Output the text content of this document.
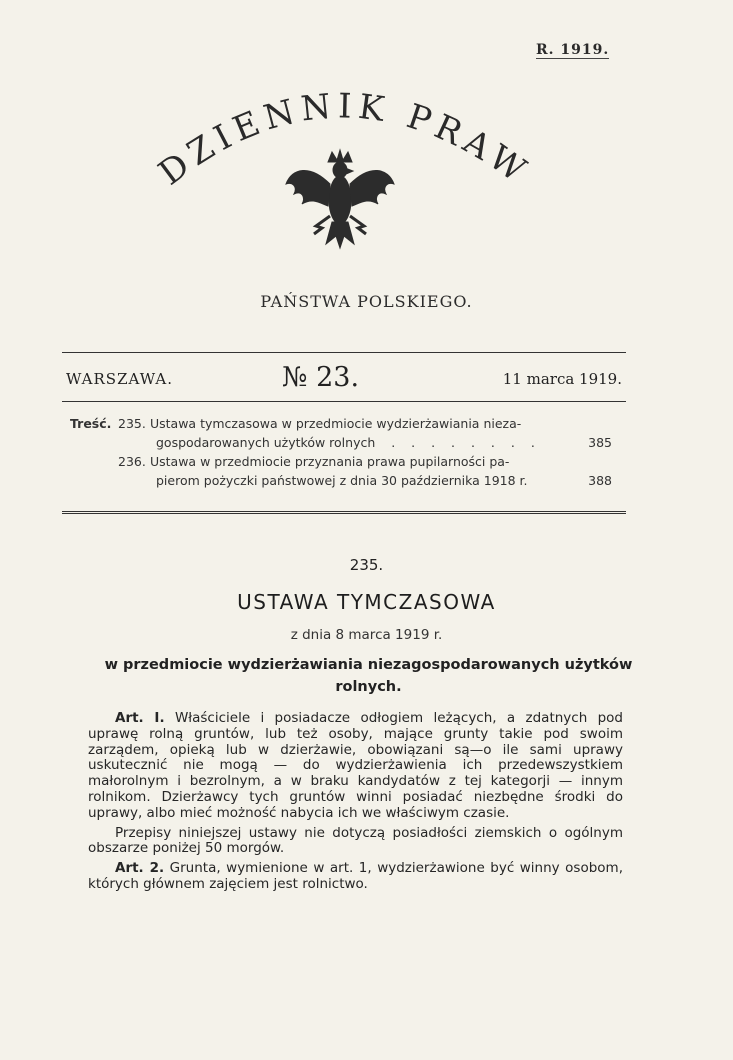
R. 1919.
DZIENNIK PRAW
PAŃSTWA POLSKIEGO.
WARSZAWA.	№ 23.	11 marca 1919.
Treść. 235. Ustawa tymczasowa w przedmiocie wydzierżawiania nieza-
gospodarowanych użytków rolnych . . . . . . . .	385
236. Ustawa w przedmiocie przyznania prawa pupilarności pa-
pierom pożyczki państwowej z dnia 30 października 1918 r.	388
235.
USTAWA TYMCZASOWA
z dnia 8 marca 1919 r.
w przedmiocie wydzierżawiania niezagospodarowanych użytków rolnych.

Art. I. Właściciele i posiadacze odłogiem leżących, a zdatnych pod uprawę rolną gruntów, lub też osoby, mające grunty takie pod swoim zarządem, opieką lub w dzierżawie, obowiązani są—o ile sami uprawy uskutecznić nie mogą — do wydzierżawienia ich przedewszystkiem małorolnym i bezrolnym, a w braku kandydatów z tej kategorji — innym rolnikom. Dzierżawcy tych gruntów winni posiadać niezbędne środki do uprawy, albo mieć możność nabycia ich we właściwym czasie.

Przepisy niniejszej ustawy nie dotyczą posiadłości ziemskich o ogólnym obszarze poniżej 50 morgów.

Art. 2. Grunta, wymienione w art. 1, wydzierżawione być winny osobom, których głównem zajęciem jest rolnictwo.
